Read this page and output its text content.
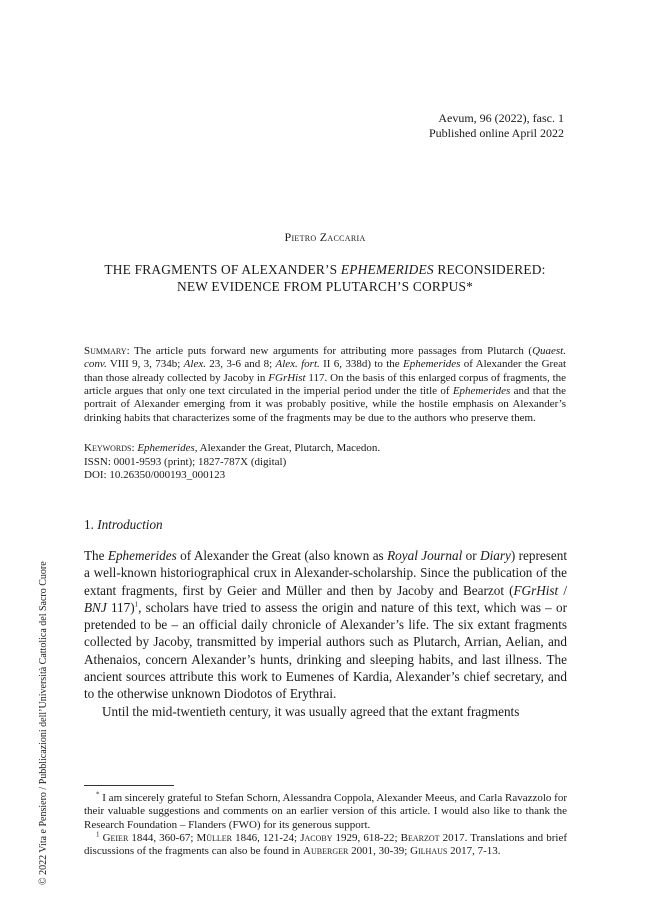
Aevum, 96 (2022), fasc. 1
Published online April 2022
Pietro Zaccaria
THE FRAGMENTS OF ALEXANDER’S EPHEMERIDES RECONSIDERED:
NEW EVIDENCE FROM PLUTARCH’S CORPUS*
Summary: The article puts forward new arguments for attributing more passages from Plutarch (Quaest. conv. VIII 9, 3, 734b; Alex. 23, 3-6 and 8; Alex. fort. II 6, 338d) to the Ephemerides of Alexander the Great than those already collected by Jacoby in FGrHist 117. On the basis of this enlarged corpus of fragments, the article argues that only one text circulated in the imperial period under the title of Ephemerides and that the portrait of Alexander emerging from it was probably positive, while the hostile emphasis on Alexander’s drinking habits that characterizes some of the fragments may be due to the authors who preserve them.
Keywords: Ephemerides, Alexander the Great, Plutarch, Macedon.
ISSN: 0001-9593 (print); 1827-787X (digital)
DOI: 10.26350/000193_000123
© 2022 Vita e Pensiero / Pubblicazioni dell’Università Cattolica del Sacro Cuore
1. Introduction

The Ephemerides of Alexander the Great (also known as Royal Journal or Diary) represent a well-known historiographical crux in Alexander-scholarship. Since the publication of the extant fragments, first by Geier and Müller and then by Jacoby and Bearzot (FGrHist / BNJ 117)$^1$, scholars have tried to assess the origin and nature of this text, which was – or pretended to be – an official daily chronicle of Alexander’s life. The six extant fragments collected by Jacoby, transmitted by imperial authors such as Plutarch, Arrian, Aelian, and Athenaios, concern Alexander’s hunts, drinking and sleeping habits, and last illness. The ancient sources attribute this work to Eumenes of Kardia, Alexander’s chief secretary, and to the otherwise unknown Diodotos of Erythrai.

Until the mid-twentieth century, it was usually agreed that the extant fragments

* I am sincerely grateful to Stefan Schorn, Alessandra Coppola, Alexander Meeus, and Carla Ravazzolo for their valuable suggestions and comments on an earlier version of this article. I would also like to thank the Research Foundation – Flanders (FWO) for its generous support.

$^1$ Geier 1844, 360-67; Müller 1846, 121-24; Jacoby 1929, 618-22; Bearzot 2017. Translations and brief discussions of the fragments can also be found in Auberger 2001, 30-39; Gilhaus 2017, 7-13.
